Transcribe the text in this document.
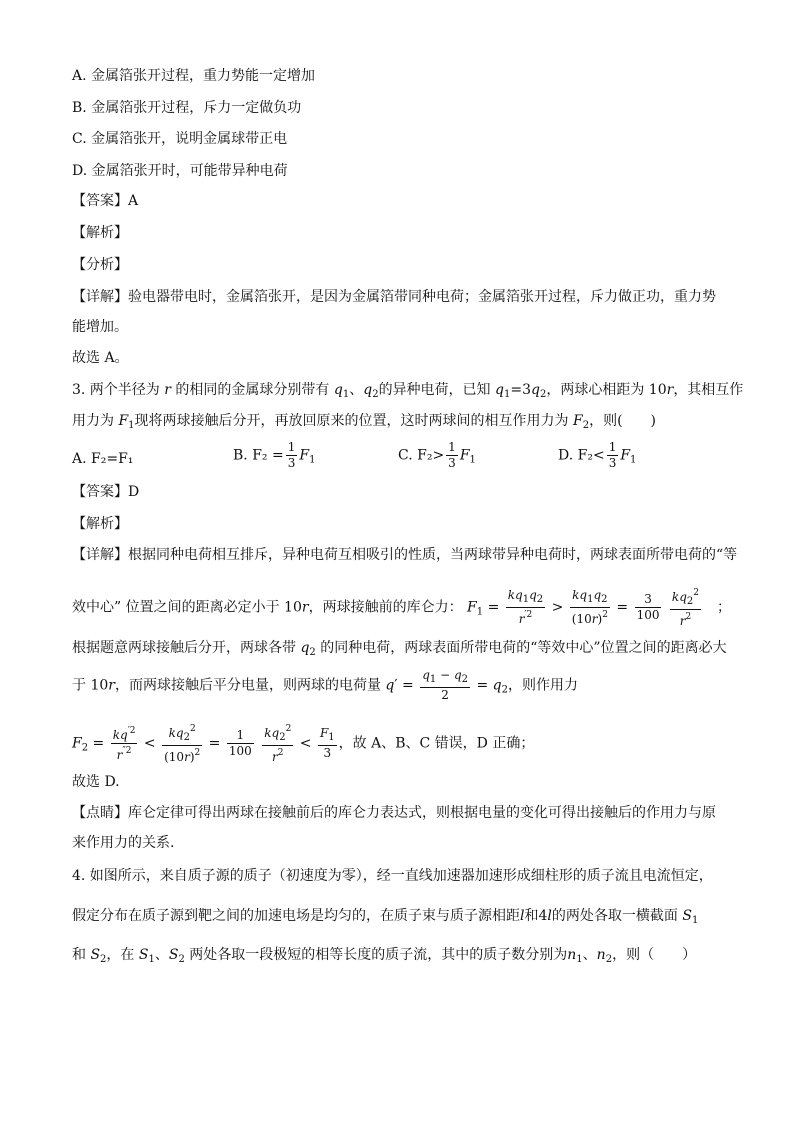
A. 金属箔张开过程，重力势能一定增加
B. 金属箔张开过程，斥力一定做负功
C. 金属箔张开，说明金属球带正电
D. 金属箔张开时，可能带异种电荷
【答案】A
【解析】
【分析】
【详解】验电器带电时，金属箔张开，是因为金属箔带同种电荷；金属箔张开过程，斥力做正功，重力势
能增加。
故选 A。
3. 两个半径为 r 的相同的金属球分别带有 $q_1$、$q_2$的异种电荷，已知 $q_1=3q_2$，两球心相距为 10r，其相互作
用力为 $F_1$现将两球接触后分开，再放回原来的位置，这时两球间的相互作用力为 $F_2$，则(　　)
A. F₂=F₁	B. $F_2 = \frac{1}{3} F_1$	C. $F_2> \frac{1}{3} F_1$	D. $F_2< \frac{1}{3} F_1$
【答案】D
【解析】
【详解】根据同种电荷相互排斥，异种电荷互相吸引的性质，当两球带异种电荷时，两球表面所带电荷的“等
效中心” 位置之间的距离必定小于 10r，两球接触前的库仑力： $F_1 = \frac{kq_1q_2}{r^{'2}} > \frac{kq_1q_2}{(10r)^2} = \frac{3}{100}$
$\frac{kq_2^2}{r^2}$ 　；
根据题意两球接触后分开，两球各带 $q_2$ 的同种电荷，两球表面所带电荷的“等效中心”位置之间的距离必大
于 10r，而两球接触后平分电量，则两球的电荷量 $q' = \frac{q_1 - q_2}{2} = q_2$，则作用力
$F_2 = \frac{kq^{'2}}{r^{''2}} < \frac{kq_2^2}{(10r)^2} = \frac{1}{100}$
$\frac{kq_2^2}{r^2} < \frac{F_1}{3}$ ，故 A、B、C 错误，D 正确；
故选 D.
【点睛】库仑定律可得出两球在接触前后的库仑力表达式，则根据电量的变化可得出接触后的作用力与原
来作用力的关系.
4. 如图所示，来自质子源的质子（初速度为零），经一直线加速器加速形成细柱形的质子流且电流恒定，
假定分布在质子源到靶之间的加速电场是均匀的，在质子束与质子源相距l和4l的两处各取一横截面 $S_1$
和 $S_2$，在 $S_1$、$S_2$ 两处各取一段极短的相等长度的质子流，其中的质子数分别为$n_1$、$n_2$，则（　　）
